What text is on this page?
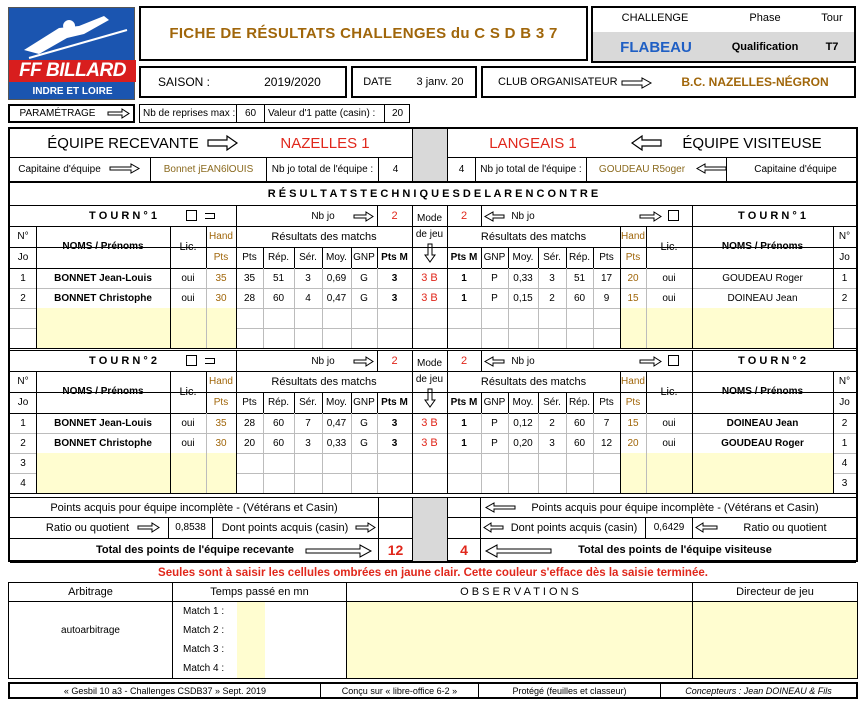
FF BILLARD
INDRE ET LOIRE
FICHE DE RÉSULTATS CHALLENGES du C S D B 3 7
CHALLENGE	Phase	Tour
FLABEAU	Qualification	T7
SAISON :	2019/2020	DATE	3 janv. 20	CLUB ORGANISATEUR	B.C. NAZELLES-NÉGRON
PARAMÉTRAGE	Nb de reprises max : 60	Valeur d'1 patte (casin) :	20
ÉQUIPE RECEVANTE	NAZELLES 1	LANGEAIS 1	ÉQUIPE VISITEUSE
Capitaine d'équipe	Bonnet jEAN6lOUIS	Nb jo total de l'équipe :	4	4	Nb jo total de l'équipe :	GOUDEAU R5oger	Capitaine d'équipe
R É S U L T A T S T E C H N I Q U E S D E L A R E N C O N T R E
T O U R N ° 1	Nb jo	2	2	Nb jo	T O U R N ° 1
Mode
de jeu
N°
Jo
NOMS / Prénoms	Lic.
Hand
Pts
Résultats des matchs
Pts	Rép.	Sér. Moy. GNP Pts M	Pts M GNP Moy. Sér. Rép. Pts
Résultats des matchs	Hand
Pts
Lic.	NOMS / Prénoms
N°
Jo
1	BONNET Jean-Louis	oui	35	35	51	3	0,69	G	3	3 B	1	P	0,33	3	51	17	20	oui	GOUDEAU Roger	1
2	BONNET Christophe	oui	30	28	60	4	0,47	G	3	3 B	1	P	0,15	2	60	9	15	oui	DOINEAU Jean	2
T O U R N ° 2	Nb jo	2	2	Nb jo	T O U R N ° 2
Mode
de jeu
N°
Jo
NOMS / Prénoms	Lic.
Hand
Pts
Résultats des matchs
Pts	Rép.	Sér. Moy. GNP Pts M	Pts M GNP Moy. Sér. Rép. Pts
Résultats des matchs	Hand
Pts
Lic.	NOMS / Prénoms
N°
Jo
1	BONNET Jean-Louis	oui	35	28	60	7	0,47	G	3	3 B	1	P	0,12	2	60	7	15	oui	DOINEAU Jean	2
2	BONNET Christophe	oui	30	20	60	3	0,33	G	3	3 B	1	P	0,20	3	60	12	20	oui	GOUDEAU Roger	1
3	4
4	3
Points acquis pour équipe incomplète - (Vétérans et Casin)	Points acquis pour équipe incomplète - (Vétérans et Casin)
Ratio ou quotient	0,8538	Dont points acquis (casin)	Dont points acquis (casin)	0,6429	Ratio ou quotient
Total des points de l'équipe recevante	12	4	Total des points de l'équipe visiteuse
Seules sont à saisir les cellules ombrées en jaune clair. Cette couleur s'efface dès la saisie terminée.
Arbitrage	Temps passé en mn	O B S E R V A T I O N S	Directeur de jeu
autoarbitrage
Match 1 :
Match 2 :
Match 3 :
Match 4 :
« Gesbil 10 a3 - Challenges CSDB37 » Sept. 2019	Conçu sur « libre-office 6-2 »	Protégé (feuilles et classeur)	Concepteurs : Jean DOINEAU & Fils
